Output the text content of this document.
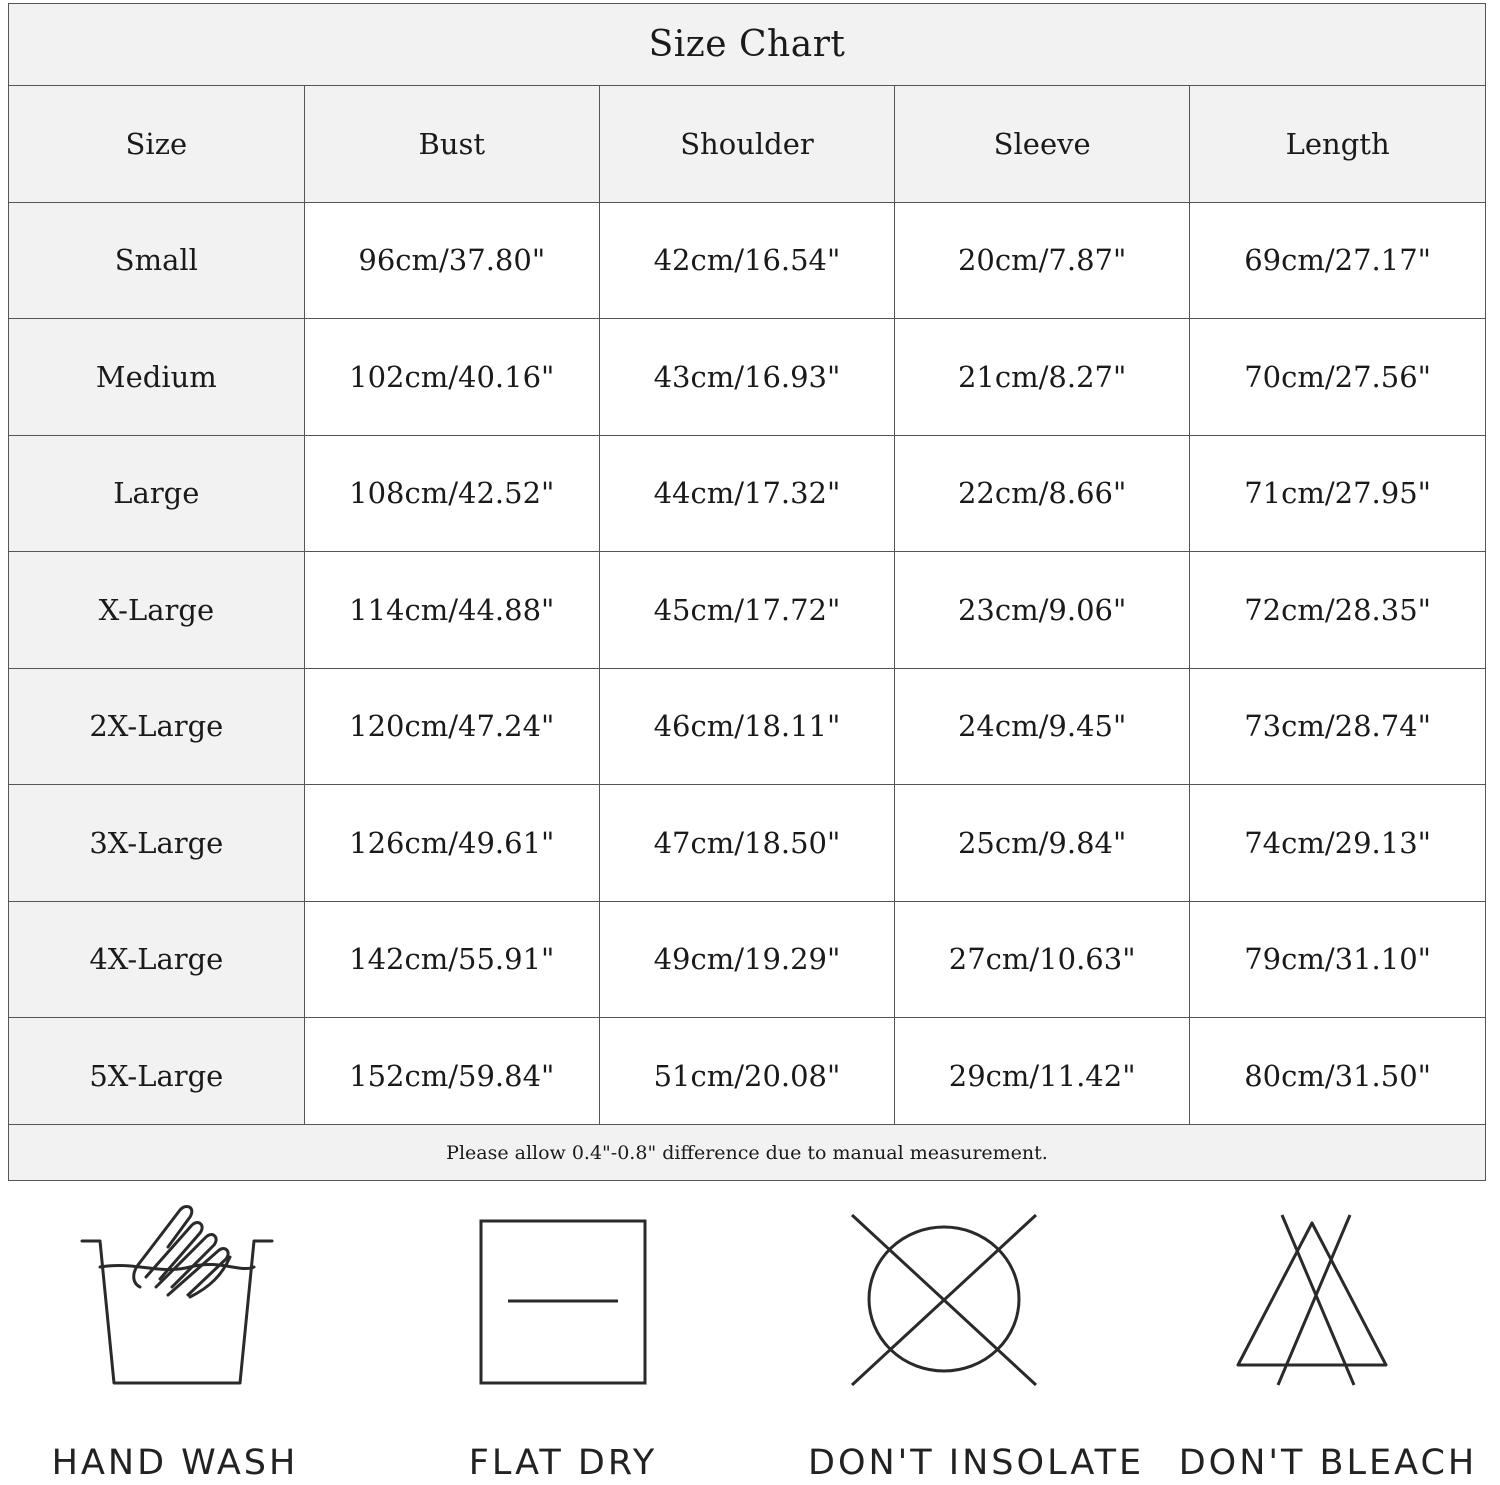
Size Chart
Size	Bust	Shoulder	Sleeve	Length
Small	96cm/37.80"	42cm/16.54"	20cm/7.87"	69cm/27.17"
Medium	102cm/40.16"	43cm/16.93"	21cm/8.27"	70cm/27.56"
Large	108cm/42.52"	44cm/17.32"	22cm/8.66"	71cm/27.95"
X-Large	114cm/44.88"	45cm/17.72"	23cm/9.06"	72cm/28.35"
2X-Large	120cm/47.24"	46cm/18.11"	24cm/9.45"	73cm/28.74"
3X-Large	126cm/49.61"	47cm/18.50"	25cm/9.84"	74cm/29.13"
4X-Large	142cm/55.91"	49cm/19.29"	27cm/10.63"	79cm/31.10"
5X-Large	152cm/59.84"	51cm/20.08"	29cm/11.42"	80cm/31.50"
Please allow 0.4"-0.8" difference due to manual measurement.
HAND WASH	FLAT DRY	DON'T INSOLATE DON'T BLEACH
